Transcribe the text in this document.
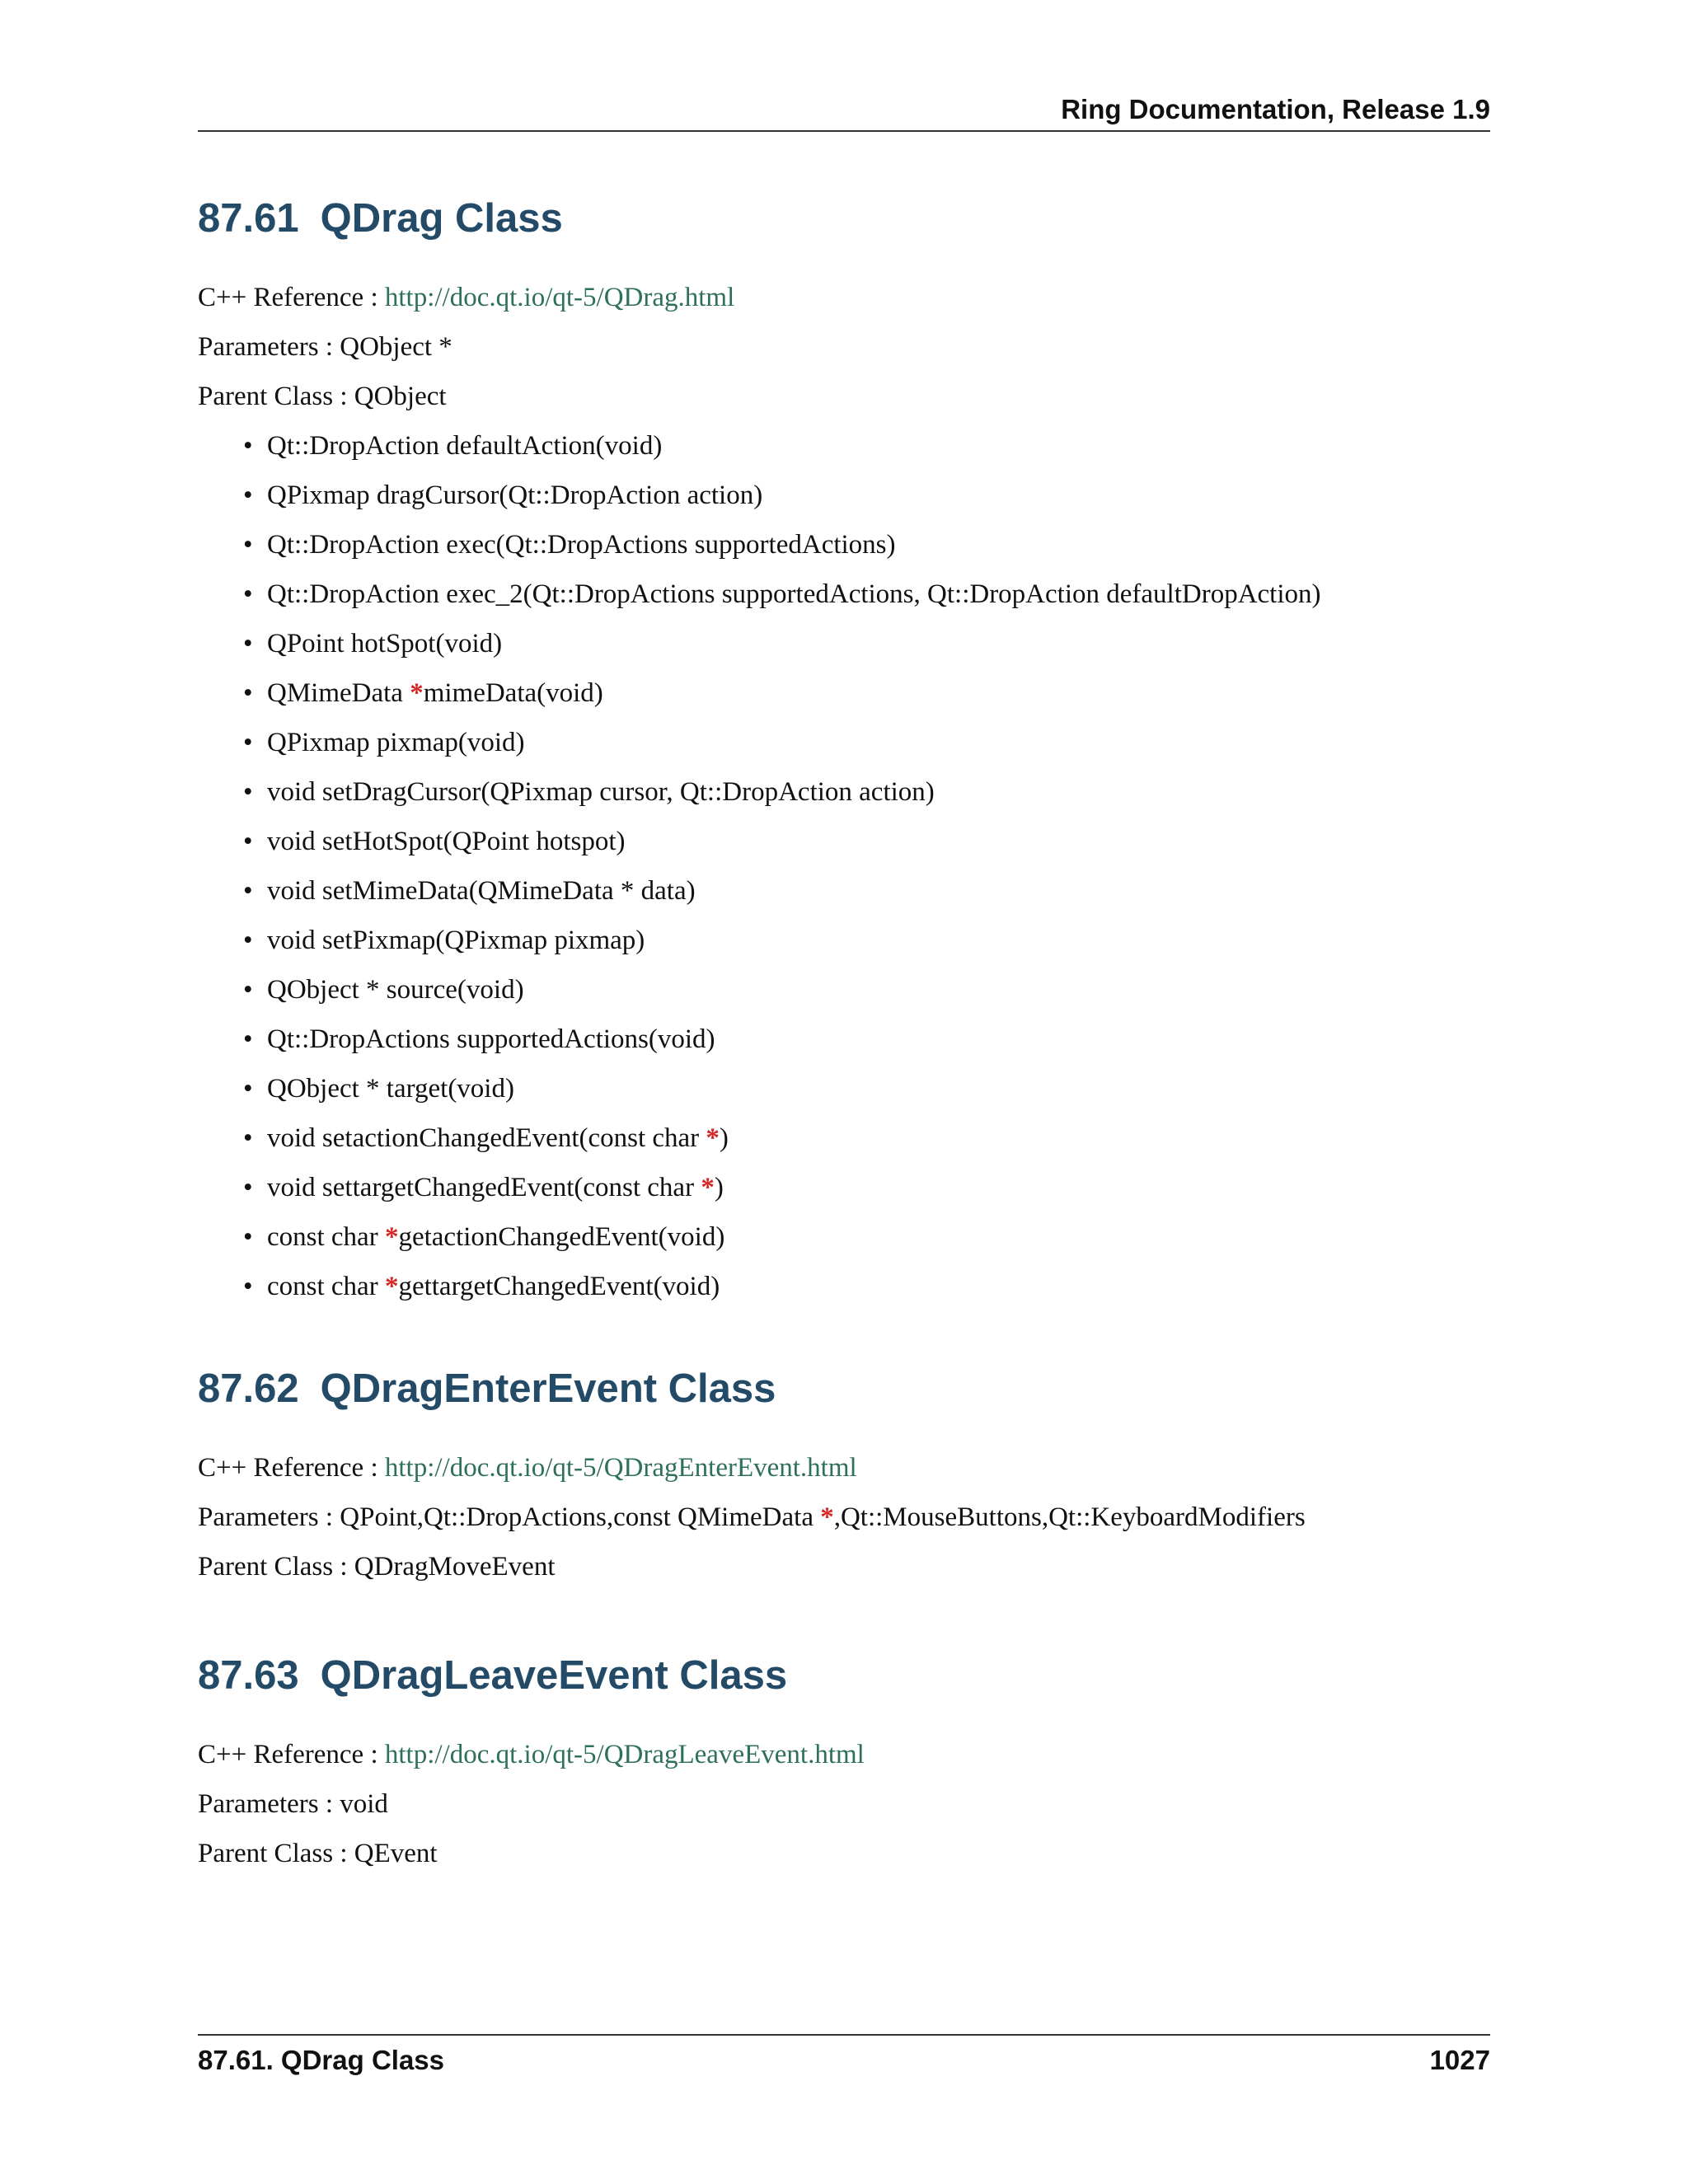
Ring Documentation, Release 1.9
87.61 QDrag Class
C++ Reference : http://doc.qt.io/qt-5/QDrag.html
Parameters : QObject *
Parent Class : QObject
• Qt::DropAction defaultAction(void)
• QPixmap dragCursor(Qt::DropAction action)
• Qt::DropAction exec(Qt::DropActions supportedActions)
• Qt::DropAction exec_2(Qt::DropActions supportedActions, Qt::DropAction defaultDropAction)
• QPoint hotSpot(void)
• QMimeData *mimeData(void)
• QPixmap pixmap(void)
• void setDragCursor(QPixmap cursor, Qt::DropAction action)
• void setHotSpot(QPoint hotspot)
• void setMimeData(QMimeData * data)
• void setPixmap(QPixmap pixmap)
• QObject * source(void)
• Qt::DropActions supportedActions(void)
• QObject * target(void)
• void setactionChangedEvent(const char *)
• void settargetChangedEvent(const char *)
• const char *getactionChangedEvent(void)
• const char *gettargetChangedEvent(void)
87.62 QDragEnterEvent Class
C++ Reference : http://doc.qt.io/qt-5/QDragEnterEvent.html
Parameters : QPoint,Qt::DropActions,const QMimeData *,Qt::MouseButtons,Qt::KeyboardModifiers
Parent Class : QDragMoveEvent
87.63 QDragLeaveEvent Class
C++ Reference : http://doc.qt.io/qt-5/QDragLeaveEvent.html
Parameters : void
Parent Class : QEvent
87.61. QDrag Class	1027
